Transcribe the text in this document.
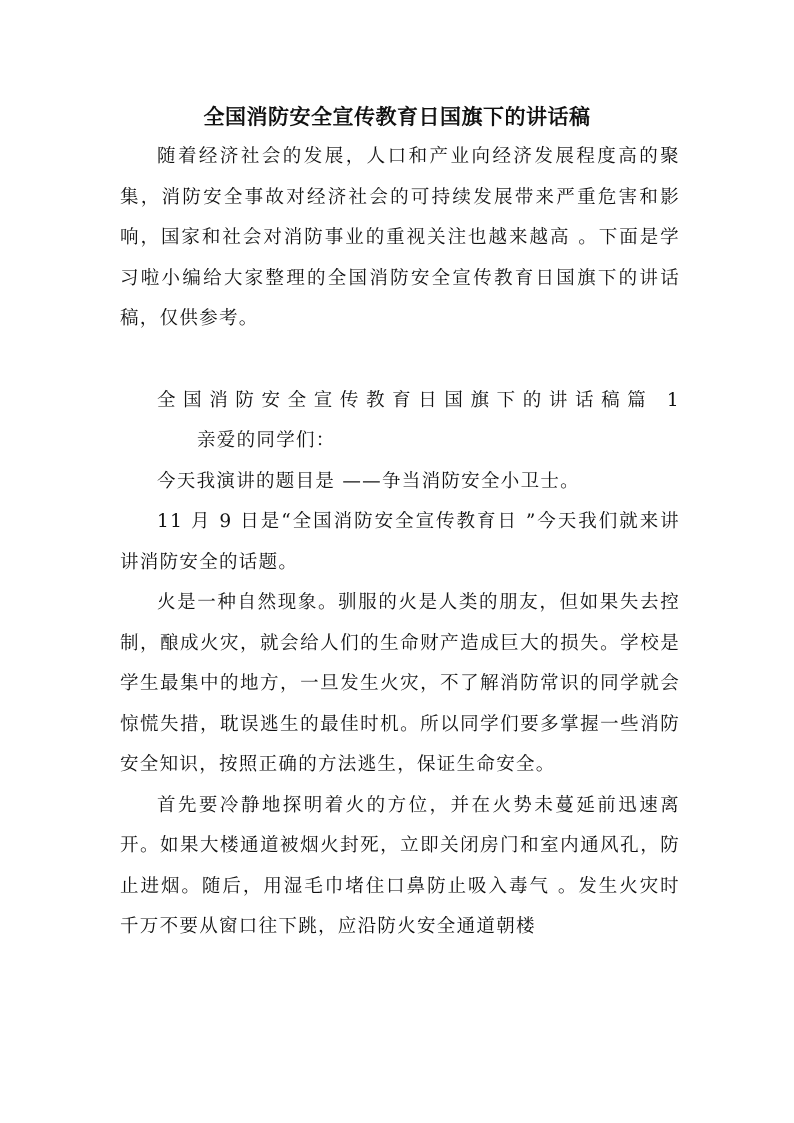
全国消防安全宣传教育日国旗下的讲话稿

随着经济社会的发展，人口和产业向经济发展程度高的聚集，消防安全事故对经济社会的可持续发展带来严重危害和影响，国家和社会对消防事业的重视关注也越来越高 。下面是学习啦小编给大家整理的全国消防安全宣传教育日国旗下的讲话稿，仅供参考。

全国消防安全宣传教育日国旗下的讲话稿篇 1亲爱的同学们：

今天我演讲的题目是 ——争当消防安全小卫士。

11 月 9 日是“全国消防安全宣传教育日 ”今天我们就来讲讲消防安全的话题。

火是一种自然现象。驯服的火是人类的朋友，但如果失去控制，酿成火灾，就会给人们的生命财产造成巨大的损失。学校是学生最集中的地方，一旦发生火灾，不了解消防常识的同学就会惊慌失措，耽误逃生的最佳时机。所以同学们要多掌握一些消防安全知识，按照正确的方法逃生，保证生命安全。

首先要冷静地探明着火的方位，并在火势未蔓延前迅速离开。如果大楼通道被烟火封死，立即关闭房门和室内通风孔，防止进烟。随后，用湿毛巾堵住口鼻防止吸入毒气 。发生火灾时千万不要从窗口往下跳，应沿防火安全通道朝楼
